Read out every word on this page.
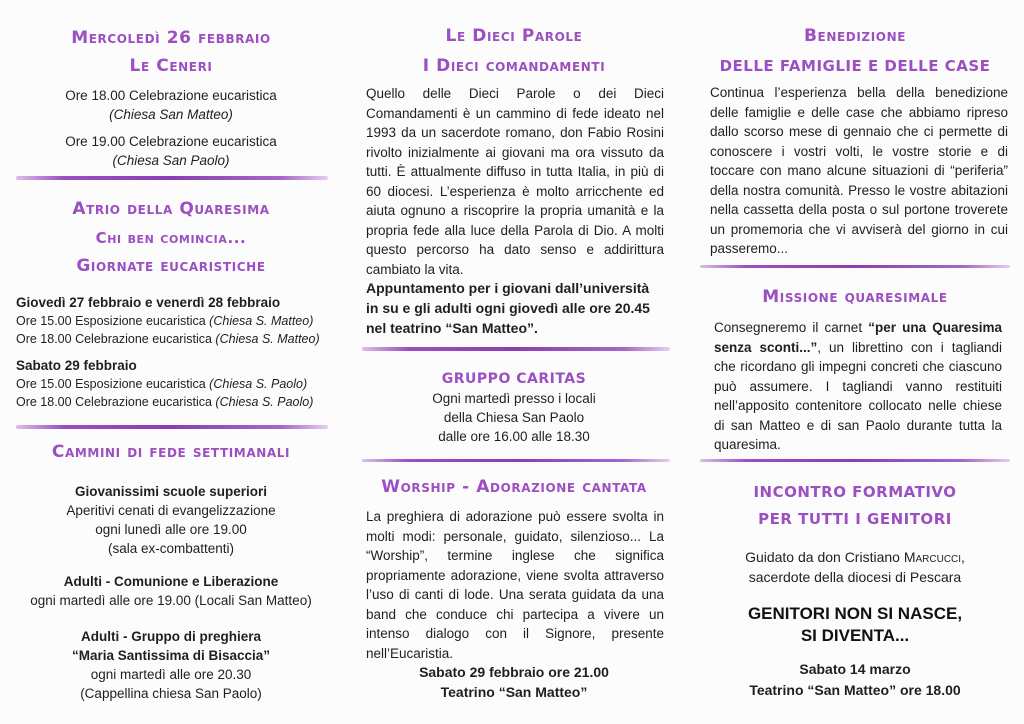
Mercoledì 26 febbraio
Le Ceneri
Ore 18.00 Celebrazione eucaristica
(Chiesa San Matteo)
Ore 19.00 Celebrazione eucaristica
(Chiesa San Paolo)
Atrio della Quaresima
Chi ben comincia...
Giornate eucaristiche
Giovedì 27 febbraio e venerdì 28 febbraio
Ore 15.00 Esposizione eucaristica (Chiesa S. Matteo)
Ore 18.00 Celebrazione eucaristica (Chiesa S. Matteo)
Sabato 29 febbraio
Ore 15.00 Esposizione eucaristica (Chiesa S. Paolo)
Ore 18.00 Celebrazione eucaristica (Chiesa S. Paolo)
Cammini di fede settimanali
Giovanissimi scuole superiori
Aperitivi cenati di evangelizzazione
ogni lunedì alle ore 19.00
(sala ex-combattenti)
Adulti - Comunione e Liberazione
ogni martedì alle ore 19.00 (Locali San Matteo)
Adulti - Gruppo di preghiera
“Maria Santissima di Bisaccia”
ogni martedì alle ore 20.30
(Cappellina chiesa San Paolo)
Le Dieci Parole
I Dieci comandamenti
Quello delle Dieci Parole o dei Dieci Comandamenti è un cammino di fede ideato nel 1993 da un sacerdote romano, don Fabio Rosini rivolto inizialmente ai giovani ma ora vissuto da tutti. È attualmente diffuso in tutta Italia, in più di 60 diocesi. L’esperienza è molto arricchente ed aiuta ognuno a riscoprire la propria umanità e la propria fede alla luce della Parola di Dio. A molti questo percorso ha dato senso e addirittura cambiato la vita.
Appuntamento per i giovani dall’università in su e gli adulti ogni giovedì alle ore 20.45 nel teatrino “San Matteo”.
GRUPPO CARITAS
Ogni martedì presso i locali
della Chiesa San Paolo
dalle ore 16.00 alle 18.30
Worship - Adorazione cantata
La preghiera di adorazione può essere svolta in molti modi: personale, guidato, silenzioso... La “Worship”, termine inglese che significa propriamente adorazione, viene svolta attraverso l’uso di canti di lode. Una serata guidata da una band che conduce chi partecipa a vivere un intenso dialogo con il Signore, presente nell’Eucaristia.
Sabato 29 febbraio ore 21.00
Teatrino “San Matteo”
Benedizione
DELLE FAMIGLIE E DELLE CASE
Continua l’esperienza bella della benedizione delle famiglie e delle case che abbiamo ripreso dallo scorso mese di gennaio che ci permette di conoscere i vostri volti, le vostre storie e di toccare con mano alcune situazioni di “periferia” della nostra comunità. Presso le vostre abitazioni nella cassetta della posta o sul portone troverete un promemoria che vi avviserà del giorno in cui passeremo...
Missione quaresimale
Consegneremo il carnet “per una Quaresima senza sconti...”, un librettino con i tagliandi che ricordano gli impegni concreti che ciascuno può assumere. I tagliandi vanno restituiti nell’apposito contenitore collocato nelle chiese di san Matteo e di san Paolo durante tutta la quaresima.
INCONTRO FORMATIVO
PER TUTTI I GENITORI
Guidato da don Cristiano Marcucci,
sacerdote della diocesi di Pescara
GENITORI NON SI NASCE,
SI DIVENTA...
Sabato 14 marzo
Teatrino “San Matteo” ore 18.00
